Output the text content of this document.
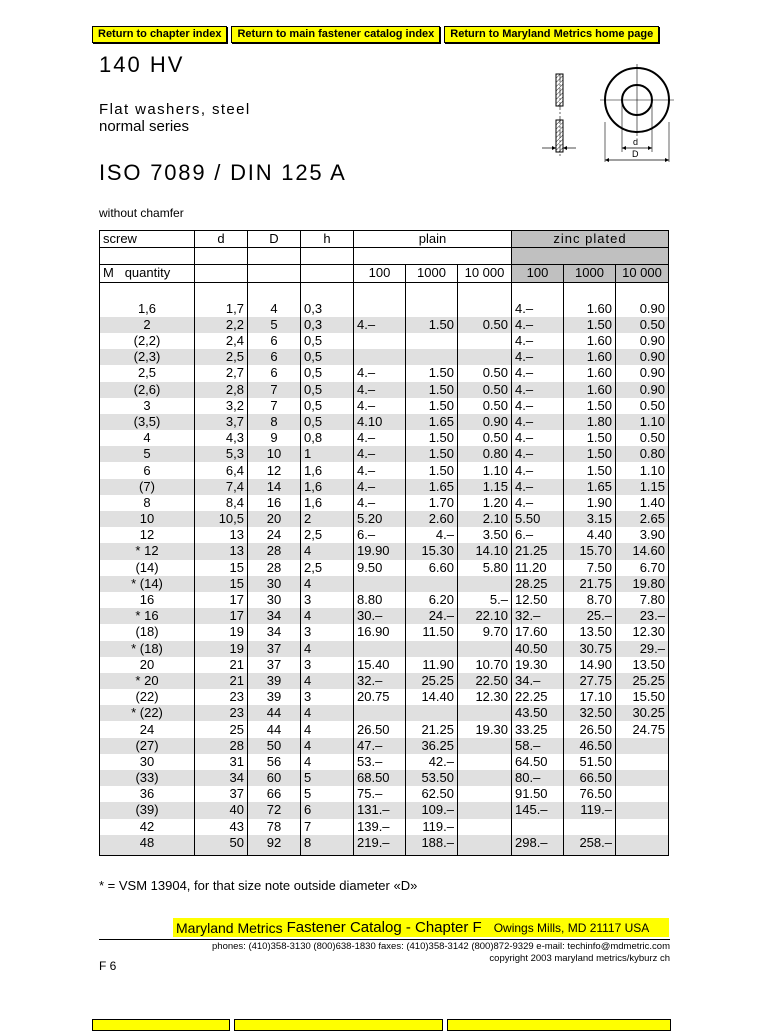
Return to chapter index	Return to main fastener catalog index	Return to Maryland Metrics home page
140 HV
Flat washers, steel
normal series
ISO 7089 / DIN 125 A
without chamfer
d
D
screw	d	D	h	plain			zinc plated		

M quantity				100	1000	10 000	100	1000	10 000

1,6	1,7	4	0,3				4.–	1.60	0.90
2	2,2	5	0,3	4.–	1.50	0.50	4.–	1.50	0.50
(2,2)	2,4	6	0,5				4.–	1.60	0.90
(2,3)	2,5	6	0,5				4.–	1.60	0.90
2,5	2,7	6	0,5	4.–	1.50	0.50	4.–	1.60	0.90
(2,6)	2,8	7	0,5	4.–	1.50	0.50	4.–	1.60	0.90
3	3,2	7	0,5	4.–	1.50	0.50	4.–	1.50	0.50
(3,5)	3,7	8	0,5	4.10	1.65	0.90	4.–	1.80	1.10
4	4,3	9	0,8	4.–	1.50	0.50	4.–	1.50	0.50
5	5,3	10	1	4.–	1.50	0.80	4.–	1.50	0.80
6	6,4	12	1,6	4.–	1.50	1.10	4.–	1.50	1.10
(7)	7,4	14	1,6	4.–	1.65	1.15	4.–	1.65	1.15
8	8,4	16	1,6	4.–	1.70	1.20	4.–	1.90	1.40
10	10,5	20	2	5.20	2.60	2.10	5.50	3.15	2.65
12	13	24	2,5	6.–	4.–	3.50	6.–	4.40	3.90
* 12	13	28	4	19.90	15.30	14.10	21.25	15.70	14.60
(14)	15	28	2,5	9.50	6.60	5.80	11.20	7.50	6.70
* (14)	15	30	4				28.25	21.75	19.80
16	17	30	3	8.80	6.20	5.–	12.50	8.70	7.80
* 16	17	34	4	30.–	24.–	22.10	32.–	25.–	23.–
(18)	19	34	3	16.90	11.50	9.70	17.60	13.50	12.30
* (18)	19	37	4				40.50	30.75	29.–
20	21	37	3	15.40	11.90	10.70	19.30	14.90	13.50
* 20	21	39	4	32.–	25.25	22.50	34.–	27.75	25.25
(22)	23	39	3	20.75	14.40	12.30	22.25	17.10	15.50
* (22)	23	44	4				43.50	32.50	30.25
24	25	44	4	26.50	21.25	19.30	33.25	26.50	24.75
(27)	28	50	4	47.–	36.25		58.–	46.50	
30	31	56	4	53.–	42.–		64.50	51.50	
(33)	34	60	5	68.50	53.50		80.–	66.50	
36	37	66	5	75.–	62.50		91.50	76.50	
(39)	40	72	6	131.–	109.–		145.–	119.–	
42	43	78	7	139.–	119.–				
48	50	92	8	219.–	188.–		298.–	258.–	
* = VSM 13904, for that size note outside diameter «D»
Maryland Metrics Fastener Catalog - Chapter F Owings Mills, MD 21117 USA
phones: (410)358-3130 (800)638-1830 faxes: (410)358-3142 (800)872-9329 e-mail: techinfo@mdmetric.com
copyright 2003 maryland metrics/kyburz ch
F 6
